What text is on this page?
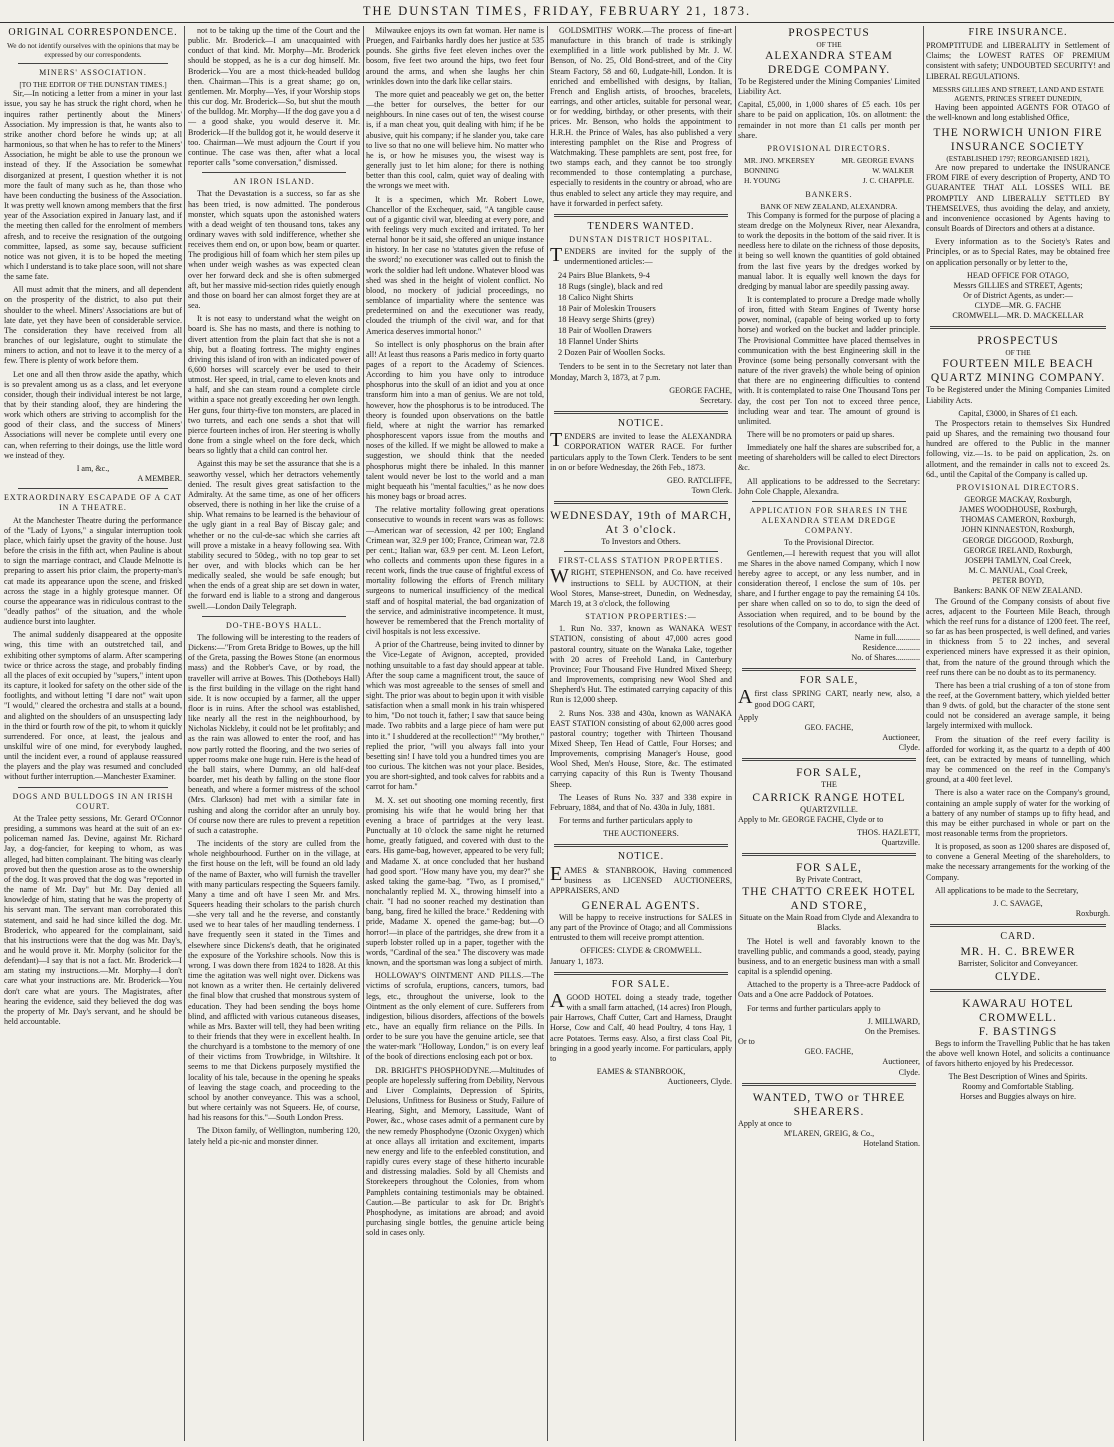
THE DUNSTAN TIMES, FRIDAY, FEBRUARY 21, 1873.
ORIGINAL CORRESPONDENCE.

We do not identify ourselves with the opinions that may be expressed by our correspondents.

MINERS' ASSOCIATION.
[TO THE EDITOR OF THE DUNSTAN TIMES.]

Sir,—In noticing a letter from a miner in your last issue, you say he has struck the right chord, when he inquires rather pertinently about the Miners' Association. My impression is that, he wants also to strike another chord before he winds up; at all harmonious, so that when he has to refer to the Miners' Association, he might be able to use the pronoun we instead of they. If the Association be somewhat disorganized at present, I question whether it is not more the fault of many such as he, than those who have been conducting the business of the Association. It was pretty well known among members that the first year of the Association expired in January last, and if the meeting then called for the enrolment of members afresh, and to receive the resignation of the outgoing committee, lapsed, as some say, because sufficient notice was not given, it is to be hoped the meeting which I understand is to take place soon, will not share the same fate.

All must admit that the miners, and all dependent on the prosperity of the district, to also put their shoulder to the wheel. Miners' Associations are but of late date, yet they have been of considerable service. The consideration they have received from all branches of our legislature, ought to stimulate the miners to action, and not to leave it to the mercy of a few. There is plenty of work before them.

Let one and all then throw aside the apathy, which is so prevalent among us as a class, and let everyone consider, though their individual interest be not large, that by their standing aloof, they are hindering the work which others are striving to accomplish for the good of their class, and the success of Miners' Associations will never be complete until every one can, when referring to their doings, use the little word we instead of they.

I am, &c.,
A MEMBER.
EXTRAORDINARY ESCAPADE OF A CAT IN A THEATRE.

At the Manchester Theatre during the performance of the "Lady of Lyons," a singular interruption took place, which fairly upset the gravity of the house. Just before the crisis in the fifth act, when Pauline is about to sign the marriage contract, and Claude Melnotte is preparing to assert his prior claim, the property-man's cat made its appearance upon the scene, and frisked across the stage in a highly grotesque manner. Of course the appearance was in ridiculous contrast to the "deadly pathos" of the situation, and the whole audience burst into laughter.

The animal suddenly disappeared at the opposite wing, this time with an outstretched tail, and exhibiting other symptoms of alarm. After scampering twice or thrice across the stage, and probably finding all the places of exit occupied by "supers," intent upon its capture, it looked for safety on the other side of the footlights, and without letting "I dare not" wait upon "I would," cleared the orchestra and stalls at a bound, and alighted on the shoulders of an unsuspecting lady in the third or fourth row of the pit, to whom it quickly surrendered. For once, at least, the jealous and unskilful wire of one mind, for everybody laughed, until the incident ever, a round of applause reassured the players and the play was resumed and concluded without further interruption.—Manchester Examiner.

DOGS AND BULLDOGS IN AN IRISH COURT.

At the Tralee petty sessions, Mr. Gerard O'Connor presiding, a summons was heard at the suit of an ex-policeman named Jas. Devine, against Mr. Richard Jay, a dog-fancier, for keeping to whom, as was alleged, had bitten complainant. The biting was clearly proved but then the question arose as to the ownership of the dog. It was proved that the dog was "reported in the name of Mr. Day" but Mr. Day denied all knowledge of him, stating that he was the property of his servant man. The servant man corroborated this statement, and said he had since killed the dog. Mr. Broderick, who appeared for the complainant, said that his instructions were that the dog was Mr. Day's, and he would prove it. Mr. Morphy (solicitor for the defendant)—I say that is not a fact. Mr. Broderick—I am stating my instructions.—Mr. Morphy—I don't care what your instructions are. Mr. Broderick—You don't care what are yours. The Magistrates, after hearing the evidence, said they believed the dog was the property of Mr. Day's servant, and he should be held accountable.

not to be taking up the time of the Court and the public. Mr. Broderick—I am unacquainted with conduct of that kind. Mr. Morphy—Mr. Broderick should be stopped, as he is a cur dog himself. Mr. Broderick—You are a most thick-headed bulldog then. Chairman—This is a great shame; go on, gentlemen. Mr. Morphy—Yes, if your Worship stops this cur dog. Mr. Broderick—So, but shut the mouth of the bulldog. Mr. Morphy—If the dog gave you a d— a good shake, you would deserve it. Mr. Broderick—If the bulldog got it, he would deserve it too. Chairman—We must adjourn the Court if you continue. The case was then, after what a local reporter calls "some conversation," dismissed.

AN IRON ISLAND.

That the Devastation is a success, so far as she has been tried, is now admitted. The ponderous monster, which squats upon the astonished waters with a dead weight of ten thousand tons, takes any ordinary waves with sold indifference, whether she receives them end on, or upon bow, beam or quarter. The prodigious hill of foam which her stem piles up when under weigh washes as was expected clean over her forward deck and she is often submerged aft, but her massive mid-section rides quietly enough and those on board her can almost forget they are at sea.

It is not easy to understand what the weight on board is. She has no masts, and there is nothing to divert attention from the plain fact that she is not a ship, but a floating fortress. The mighty engines driving this island of iron with an indicated power of 6,600 horses will scarcely ever be used to their utmost. Her speed, in trial, came to eleven knots and a half, and she can steam round a complete circle within a space not greatly exceeding her own length. Her guns, four thirty-five ton monsters, are placed in two turrets, and each one sends a shot that will pierce fourteen inches of iron. Her steering is wholly done from a single wheel on the fore deck, which bears so lightly that a child can control her.

Against this may be set the assurance that she is a seaworthy vessel, which her detractors vehemently denied. The result gives great satisfaction to the Admiralty. At the same time, as one of her officers observed, there is nothing in her like the cruise of a ship. What remains to be learned is the behaviour of the ugly giant in a real Bay of Biscay gale; and whether or no the cul-de-sac which she carries aft will prove a mistake in a heavy following sea. With stability secured to 50deg., with no top gear to set her over, and with blocks which can be her medically sealed, she would be safe enough; but when the ends of a great ship are set down in water, the forward end is liable to a strong and dangerous swell.—London Daily Telegraph.

DO-THE-BOYS HALL.

The following will be interesting to the readers of Dickens:—"From Greta Bridge to Bowes, up the hill of the Greta, passing the Bowes Stone (an enormous mass) and the Robber's Cave, or by road, the traveller will arrive at Bowes. This (Dotheboys Hall) is the first building in the village on the right hand side. It is now occupied by a farmer, all the upper floor is in ruins. After the school was established, like nearly all the rest in the neighbourhood, by Nicholas Nickleby, it could not be let profitably; and as the rain was allowed to enter the roof, and has now partly rotted the flooring, and the two series of upper rooms make one huge ruin. Here is the head of the ball stairs, where Dummy, an old half-deaf boarder, met his death by falling on the stone floor beneath, and where a former mistress of the school (Mrs. Clarkson) had met with a similar fate in rushing and along the corridor after an unruly boy. Of course now there are rules to prevent a repetition of such a catastrophe.

The incidents of the story are culled from the whole neighbourhood. Further on in the village, at the first house on the left, will be found an old lady of the name of Baxter, who will furnish the traveller with many particulars respecting the Squeers family. Many a time and oft have I seen Mr. and Mrs. Squeers heading their scholars to the parish church—she very tall and he the reverse, and constantly used we to hear tales of her maudling tenderness. I have frequently seen it stated in the Times and elsewhere since Dickens's death, that he originated the exposure of the Yorkshire schools. Now this is wrong. I was down there from 1824 to 1828. At this time the agitation was well night over. Dickens was not known as a writer then. He certainly delivered the final blow that crushed that monstrous system of education. They had been sending the boys home blind, and afflicted with various cutaneous diseases, while as Mrs. Baxter will tell, they had been writing to their friends that they were in excellent health. In the churchyard is a tombstone to the memory of one of their victims from Trowbridge, in Wiltshire. It seems to me that Dickens purposely mystified the locality of his tale, because in the opening he speaks of leaving the stage coach, and proceeding to the school by another conveyance. This was a school, but where certainly was not Squeers. He, of course, had his reasons for this."—South London Press.

The Dixon family, of Wellington, numbering 120, lately held a pic-nic and monster dinner.

Milwaukee enjoys its own fat woman. Her name is Pruegen, and Fairbanks hardly does her justice at 535 pounds. She girths five feet eleven inches over the bosom, five feet two around the hips, two feet four around the arms, and when she laughs her chin wrinkles down into the dark like cellar stairs.

The more quiet and peaceably we get on, the better—the better for ourselves, the better for our neighbours. In nine cases out of ten, the wisest course is, if a man cheat you, quit dealing with him; if he be abusive, quit his company; if he slander you, take care to live so that no one will believe him. No matter who he is, or how he misuses you, the wisest way is generally just to let him alone; for there is nothing better than this cool, calm, quiet way of dealing with the wrongs we meet with.

It is a specimen, which Mr. Robert Lowe, Chancellor of the Exchequer, said, "A tangible cause out of a gigantic civil war, bleeding at every pore, and with feelings very much excited and irritated. To her eternal honor be it said, she offered an unique instance in history. In her case no 'statutes given the refuse of the sword;' no executioner was called out to finish the work the soldier had left undone. Whatever blood was shed was shed in the height of violent conflict. No blood, no mockery of judicial proceedings, no semblance of impartiality where the sentence was predetermined on and the executioner was ready, clouded the triumph of the civil war, and for that America deserves immortal honor."

So intellect is only phosphorus on the brain after all! At least thus reasons a Paris medico in forty quarto pages of a report to the Academy of Sciences. According to him you have only to introduce phosphorus into the skull of an idiot and you at once transform him into a man of genius. We are not told, however, how the phosphorus is to be introduced. The theory is founded upon observations on the battle field, where at night the warrior has remarked phosphorescent vapors issue from the mouths and noses of the killed. If we might be allowed to make a suggestion, we should think that the needed phosphorus might there be inhaled. In this manner talent would never be lost to the world and a man might bequeath his "mental faculties," as he now does his money bags or broad acres.

The relative mortality following great operations consecutive to wounds in recent wars was as follows:—American war of secession, 42 per 100; England Crimean war, 32.9 per 100; France, Crimean war, 72.8 per cent.; Italian war, 63.9 per cent. M. Leon Lefort, who collects and comments upon these figures in a recent work, finds the true cause of frightful excess of mortality following the efforts of French military surgeons to numerical insufficiency of the medical staff and of hospital material, the bad organization of the service, and administrative incompetence. It must, however be remembered that the French mortality of civil hospitals is not less excessive.

A prior of the Chartreuse, being invited to dinner by the Vice-Legate of Avignon, accepted, provided nothing unsuitable to a fast day should appear at table. After the soup came a magnificent trout, the sauce of which was most agreeable to the senses of smell and sight. The prior was about to begin upon it with visible satisfaction when a small monk in his train whispered to him, "Do not touch it, father; I saw that sauce being made. Two rabbits and a large piece of ham were put into it." I shuddered at the recollection!" "My brother," replied the prior, "will you always fall into your besetting sin! I have told you a hundred times you are too curious. The kitchen was not your place. Besides, you are short-sighted, and took calves for rabbits and a carrot for ham."

M. X. set out shooting one morning recently, first promising his wife that he would bring her that evening a brace of partridges at the very least. Punctually at 10 o'clock the same night he returned home, greatly fatigued, and covered with dust to the ears. His game-bag, however, appeared to be very full; and Madame X. at once concluded that her husband had good sport. "How many have you, my dear?" she asked taking the game-bag. "Two, as I promised," nonchalantly replied M. X., throwing himself into a chair. "I had no sooner reached my destination than bang, bang, fired he killed the brace." Reddening with pride, Madame X. opened the game-bag; but—O horror!—in place of the partridges, she drew from it a superb lobster rolled up in a paper, together with the words, "Cardinal of the sea." The discovery was made known, and the sportsman was long a subject of mirth.

HOLLOWAY'S OINTMENT AND PILLS.—The victims of scrofula, eruptions, cancers, tumors, bad legs, etc., throughout the universe, look to the Ointment as the only element of cure. Sufferers from indigestion, bilious disorders, affections of the bowels etc., have an equally firm reliance on the Pills. In order to be sure you have the genuine article, see that the water-mark "Holloway, London," is on every leaf of the book of directions enclosing each pot or box.

DR. BRIGHT'S PHOSPHODYNE.—Multitudes of people are hopelessly suffering from Debility, Nervous and Liver Complaints, Depression of Spirits, Delusions, Unfitness for Business or Study, Failure of Hearing, Sight, and Memory, Lassitude, Want of Power, &c., whose cases admit of a permanent cure by the new remedy Phosphodyne (Ozonic Oxygen) which at once allays all irritation and excitement, imparts new energy and life to the enfeebled constitution, and rapidly cures every stage of these hitherto incurable and distressing maladies. Sold by all Chemists and Storekeepers throughout the Colonies, from whom Pamphlets containing testimonials may be obtained. Caution.—Be particular to ask for Dr. Bright's Phosphodyne, as imitations are abroad; and avoid purchasing single bottles, the genuine article being sold in cases only.

GOLDSMITHS' WORK.—The process of fine-art manufacture in this branch of trade is strikingly exemplified in a little work published by Mr. J. W. Benson, of No. 25, Old Bond-street, and of the City Steam Factory, 58 and 60, Ludgate-hill, London. It is enriched and embellished with designs, by Italian, French and English artists, of brooches, bracelets, earrings, and other articles, suitable for personal wear, or for wedding, birthday, or other presents, with their prices. Mr. Benson, who holds the appointment to H.R.H. the Prince of Wales, has also published a very interesting pamphlet on the Rise and Progress of Watchmaking. These pamphlets are sent, post free, for two stamps each, and they cannot be too strongly recommended to those contemplating a purchase, especially to residents in the country or abroad, who are thus enabled to select any article they may require, and have it forwarded in perfect safety.

TENDERS WANTED.
DUNSTAN DISTRICT HOSPITAL.

TENDERS are invited for the supply of the undermentioned articles:—

24 Pairs Blue Blankets, 9-4
18 Rugs (single), black and red
18 Calico Night Shirts
18 Pair of Moleskin Trousers
18 Heavy serge Shirts (grey)
18 Pair of Woollen Drawers
18 Flannel Under Shirts
2 Dozen Pair of Woollen Socks.

Tenders to be sent in to the Secretary not later than Monday, March 3, 1873, at 7 p.m.

GEORGE FACHE,
Secretary.
NOTICE.

TENDERS are invited to lease the ALEXANDRA CORPORATION WATER RACE. For further particulars apply to the Town Clerk. Tenders to be sent in on or before Wednesday, the 26th Feb., 1873.

GEO. RATCLIFFE,
Town Clerk.
WEDNESDAY, 19th of MARCH, At 3 o'clock.
To Investors and Others.
FIRST-CLASS STATION PROPERTIES.

WRIGHT, STEPHENSON, and Co. have received instructions to SELL by AUCTION, at their Wool Stores, Manse-street, Dunedin, on Wednesday, March 19, at 3 o'clock, the following

STATION PROPERTIES:—

1. Run No. 337, known as WANAKA WEST STATION, consisting of about 47,000 acres good pastoral country, situate on the Wanaka Lake, together with 20 acres of Freehold Land, in Canterbury Province; Four Thousand Five Hundred Mixed Sheep; and Improvements, comprising new Wool Shed and Shepherd's Hut. The estimated carrying capacity of this Run is 12,000 sheep.

2. Runs Nos. 338 and 430a, known as WANAKA EAST STATION consisting of about 62,000 acres good pastoral country; together with Thirteen Thousand Mixed Sheep, Ten Head of Cattle, Four Horses; and Improvements, comprising Manager's House, good Wool Shed, Men's House, Store, &c. The estimated carrying capacity of this Run is Twenty Thousand Sheep.

The Leases of Runs No. 337 and 338 expire in February, 1884, and that of No. 430a in July, 1881.

For terms and further particulars apply to

THE AUCTIONEERS.
NOTICE.

EAMES & STANBROOK, Having commenced business as LICENSED AUCTIONEERS, APPRAISERS, AND

GENERAL AGENTS.

Will be happy to receive instructions for SALES in any part of the Province of Otago; and all Commissions entrusted to them will receive prompt attention.

OFFICES: CLYDE & CROMWELL.
January 1, 1873.
FOR SALE.

AGOOD HOTEL doing a steady trade, together with a small farm attached, (14 acres) Iron Plough, pair Harrows, Chaff Cutter, Cart and Harness, Draught Horse, Cow and Calf, 40 head Poultry, 4 tons Hay, 1 acre Potatoes. Terms easy. Also, a first class Coal Pit, bringing in a good yearly income. For particulars, apply to

EAMES & STANBROOK,
Auctioneers, Clyde.
PROSPECTUS
OF THE
ALEXANDRA STEAM DREDGE COMPANY.

To be Registered under the Mining Companies' Limited Liability Act.

Capital, £5,000, in 1,000 shares of £5 each. 10s per share to be paid on application, 10s. on allotment: the remainder in not more than £1 calls per month per share.

PROVISIONAL DIRECTORS.
MR. JNO. M'KERSEY	MR. GEORGE EVANS
BONNING	W. WALKER
H. YOUNG	J. C. CHAPPLE.
BANKERS.
BANK OF NEW ZEALAND, ALEXANDRA.

This Company is formed for the purpose of placing a steam dredge on the Molyneux River, near Alexandra, to work the deposits in the bottom of the said river. It is needless here to dilate on the richness of those deposits, it being so well known the quantities of gold obtained from the last five years by the dredges worked by manual labor. It is equally well known the days for dredging by manual labor are speedily passing away.

It is contemplated to procure a Dredge made wholly of iron, fitted with Steam Engines of Twenty horse power, nominal, (capable of being worked up to forty horse) and worked on the bucket and ladder principle. The Provisional Committee have placed themselves in communication with the best Engineering skill in the Province (some being personally conversant with the nature of the river gravels) the whole being of opinion that there are no engineering difficulties to contend with. It is contemplated to raise One Thousand Tons per day, the cost per Ton not to exceed three pence, including wear and tear. The amount of ground is unlimited.

There will be no promoters or paid up shares.

Immediately one half the shares are subscribed for, a meeting of shareholders will be called to elect Directors &c.

All applications to be addressed to the Secretary: John Cole Chapple, Alexandra.

APPLICATION FOR SHARES IN THE ALEXANDRA STEAM DREDGE COMPANY.
To the Provisional Director.

Gentlemen,—I herewith request that you will allot me Shares in the above named Company, which I now hereby agree to accept, or any less number, and in consideration thereof, I enclose the sum of 10s. per share, and I further engage to pay the remaining £4 10s. per share when called on so to do, to sign the deed of Association when required, and to be bound by the resolutions of the Company, in accordance with the Act.

Name in full............
Residence............
No. of Shares............
FOR SALE,

Afirst class SPRING CART, nearly new, also, a good DOG CART,

Apply
GEO. FACHE,
Auctioneer,
Clyde.
FOR SALE,
THE
CARRICK RANGE HOTEL
QUARTZVILLE.

Apply to Mr. GEORGE FACHE, Clyde or to

THOS. HAZLETT,
Quartzville.
FOR SALE,
By Private Contract,
THE CHATTO CREEK HOTEL AND STORE,

Situate on the Main Road from Clyde and Alexandra to Blacks.

The Hotel is well and favorably known to the travelling public, and commands a good, steady, paying business, and to an energetic business man with a small capital is a splendid opening.

Attached to the property is a Three-acre Paddock of Oats and a One acre Paddock of Potatoes.

For terms and further particulars apply to

J. MILLWARD,
On the Premises.
Or to
GEO. FACHE,
Auctioneer,
Clyde.
WANTED, TWO or THREE SHEARERS.
Apply at once to
M'LAREN, GREIG, & Co.,
Hoteland Station.
FIRE INSURANCE.

PROMPTITUDE and LIBERALITY in Settlement of Claims; the LOWEST RATES OF PREMIUM consistent with safety; UNDOUBTED SECURITY! and LIBERAL REGULATIONS.

MESSRS GILLIES AND STREET, LAND AND ESTATE AGENTS, PRINCES STREET DUNEDIN,

Having been appointed AGENTS FOR OTAGO of the well-known and long established Office,

THE NORWICH UNION FIRE INSURANCE SOCIETY
(ESTABLISHED 1797; REORGANISED 1821),

Are now prepared to undertake the INSURANCE FROM FIRE of every description of Property, AND TO GUARANTEE THAT ALL LOSSES WILL BE PROMPTLY AND LIBERALLY SETTLED BY THEMSELVES, thus avoiding the delay, and anxiety, and inconvenience occasioned by Agents having to consult Boards of Directors and others at a distance.

Every information as to the Society's Rates and Principles, or as to Special Rates, may be obtained free on application personally or by letter to the,

HEAD OFFICE FOR OTAGO,
Messrs GILLIES and STREET, Agents;
Or of District Agents, as under:—
CLYDE—MR. G. FACHE
CROMWELL—MR. D. MACKELLAR
PROSPECTUS
OF THE
FOURTEEN MILE BEACH QUARTZ MINING COMPANY.

To be Registered under the Mining Companies Limited Liability Acts.

Capital, £3000, in Shares of £1 each.

The Prospectors retain to themselves Six Hundred paid up Shares, and the remaining two thousand four hundred are offered to the Public in the manner following, viz.—1s. to be paid on application, 2s. on allotment, and the remainder in calls not to exceed 2s. 6d., until the Capital of the Company is called up.

PROVISIONAL DIRECTORS.
GEORGE MACKAY, Roxburgh,
JAMES WOODHOUSE, Roxburgh,
THOMAS CAMERON, Roxburgh,
JOHN KINNAESTON, Roxburgh,
GEORGE DIGGOOD, Roxburgh,
GEORGE IRELAND, Roxburgh,
JOSEPH TAMLYN, Coal Creek,
M. C. MANUAL, Coal Creek,
PETER BOYD,
Bankers: BANK OF NEW ZEALAND.

The Ground of the Company consists of about five acres, adjacent to the Fourteen Mile Beach, through which the reef runs for a distance of 1200 feet. The reef, so far as has been prospected, is well defined, and varies in thickness from 5 to 22 inches, and several experienced miners have expressed it as their opinion, that, from the nature of the ground through which the reef runs there can be no doubt as to its permanency.

There has been a trial crushing of a ton of stone from the reef, at the Government battery, which yielded better than 9 dwts. of gold, but the character of the stone sent could not be considered an average sample, it being largely intermixed with mullock.

From the situation of the reef every facility is afforded for working it, as the quartz to a depth of 400 feet, can be extracted by means of tunnelling, which may be commenced on the reef in the Company's ground, at a 400 feet level.

There is also a water race on the Company's ground, containing an ample supply of water for the working of a battery of any number of stamps up to fifty head, and this may be either purchased in whole or part on the most reasonable terms from the proprietors.

It is proposed, as soon as 1200 shares are disposed of, to convene a General Meeting of the shareholders, to make the necessary arrangements for the working of the Company.

All applications to be made to the Secretary,

J. C. SAVAGE,
Roxburgh.
CARD.
MR. H. C. BREWER
Barrister, Solicitor and Conveyancer.
CLYDE.
KAWARAU HOTEL
CROMWELL.
F. BASTINGS

Begs to inform the Travelling Public that he has taken the above well known Hotel, and solicits a continuance of favors hitherto enjoyed by his Predecessor.

The Best Description of Wines and Spirits.
Roomy and Comfortable Stabling.
Horses and Buggies always on hire.
